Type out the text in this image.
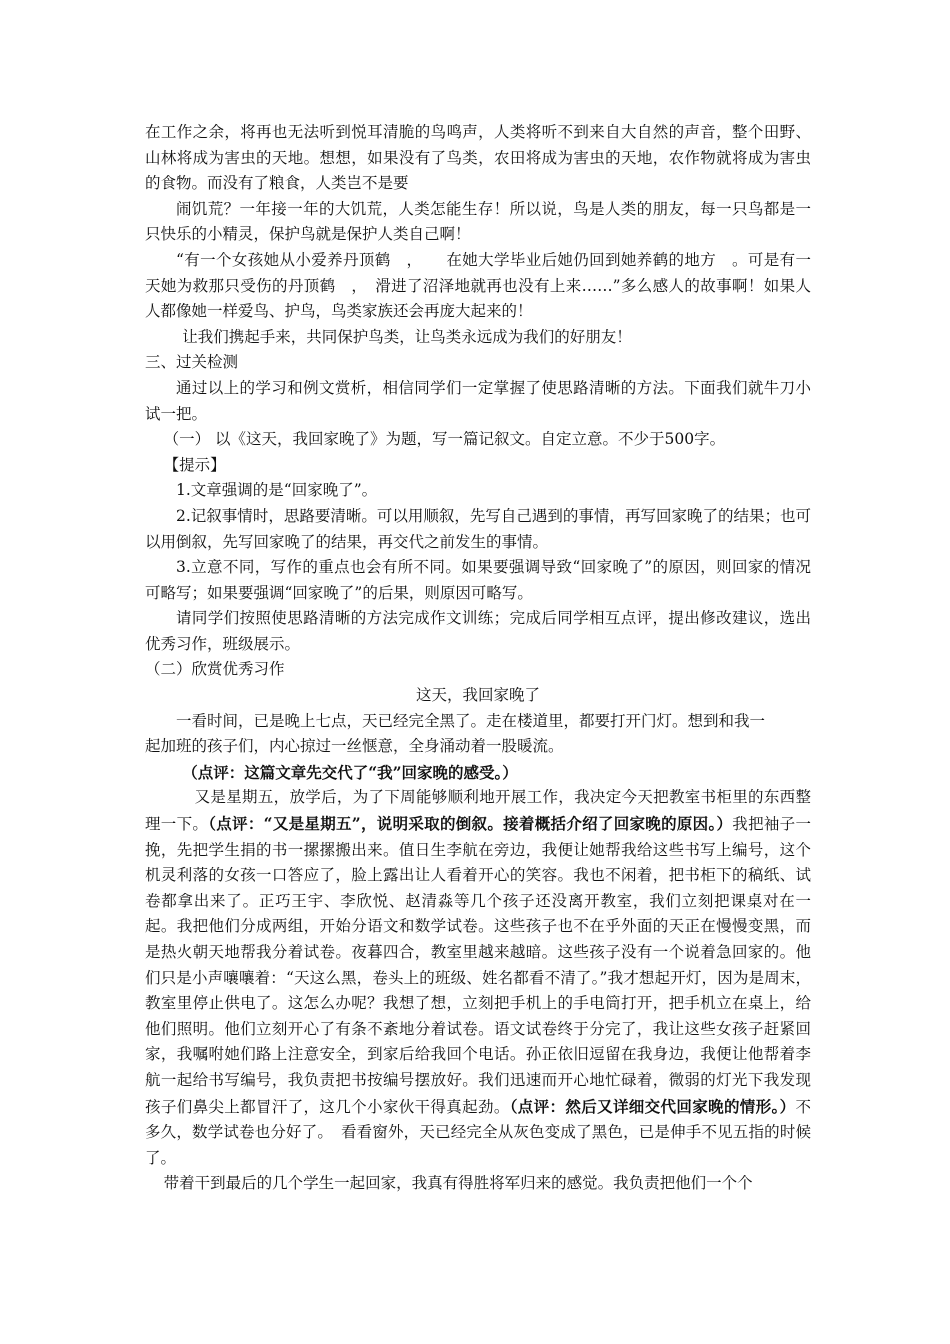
在工作之余，将再也无法听到悦耳清脆的鸟鸣声，人类将听不到来自大自然的声音，整个田野、山林将成为害虫的天地。想想，如果没有了鸟类，农田将成为害虫的天地，农作物就将成为害虫的食物。而没有了粮食，人类岂不是要

闹饥荒？一年接一年的大饥荒，人类怎能生存！所以说，鸟是人类的朋友，每一只鸟都是一只快乐的小精灵，保护鸟就是保护人类自己啊！

“有一个女孩她从小爱养丹顶鹤　，　　在她大学毕业后她仍回到她养鹤的地方　。可是有一天她为救那只受伤的丹顶鹤　，　滑进了沼泽地就再也没有上来……”多么感人的故事啊！如果人人都像她一样爱鸟、护鸟，鸟类家族还会再庞大起来的！

让我们携起手来，共同保护鸟类，让鸟类永远成为我们的好朋友！

三、过关检测

通过以上的学习和例文赏析，相信同学们一定掌握了使思路清晰的方法。下面我们就牛刀小试一把。

（一） 以《这天，我回家晚了》为题，写一篇记叙文。自定立意。不少于500字。

【提示】

1.文章强调的是“回家晚了”。

2.记叙事情时，思路要清晰。可以用顺叙，先写自己遇到的事情，再写回家晚了的结果；也可以用倒叙，先写回家晚了的结果，再交代之前发生的事情。

3.立意不同，写作的重点也会有所不同。如果要强调导致“回家晚了”的原因，则回家的情况可略写；如果要强调“回家晚了”的后果，则原因可略写。

请同学们按照使思路清晰的方法完成作文训练；完成后同学相互点评，提出修改建议，选出优秀习作，班级展示。

（二）欣赏优秀习作

这天，我回家晚了

一看时间，已是晚上七点，天已经完全黑了。走在楼道里，都要打开门灯。想到和我一

起加班的孩子们，内心掠过一丝惬意，全身涌动着一股暖流。

（点评：这篇文章先交代了“我”回家晚的感受。）

又是星期五，放学后，为了下周能够顺利地开展工作，我决定今天把教室书柜里的东西整理一下。（点评：“又是星期五”，说明采取的倒叙。接着概括介绍了回家晚的原因。）我把袖子一挽，先把学生捐的书一摞摞搬出来。值日生李航在旁边，我便让她帮我给这些书写上编号，这个机灵利落的女孩一口答应了，脸上露出让人看着开心的笑容。我也不闲着，把书柜下的稿纸、试卷都拿出来了。正巧王宇、李欣悦、赵清淼等几个孩子还没离开教室，我们立刻把课桌对在一起。我把他们分成两组，开始分语文和数学试卷。这些孩子也不在乎外面的天正在慢慢变黑，而是热火朝天地帮我分着试卷。夜暮四合，教室里越来越暗。这些孩子没有一个说着急回家的。他们只是小声嚷嚷着：“天这么黑，卷头上的班级、姓名都看不清了。”我才想起开灯，因为是周末，教室里停止供电了。这怎么办呢？我想了想，立刻把手机上的手电筒打开，把手机立在桌上，给他们照明。他们立刻开心了有条不紊地分着试卷。语文试卷终于分完了，我让这些女孩子赶紧回家，我嘱咐她们路上注意安全，到家后给我回个电话。孙正依旧逗留在我身边，我便让他帮着李航一起给书写编号，我负责把书按编号摆放好。我们迅速而开心地忙碌着，微弱的灯光下我发现孩子们鼻尖上都冒汗了，这几个小家伙干得真起劲。（点评：然后又详细交代回家晚的情形。）不多久，数学试卷也分好了。　看看窗外，天已经完全从灰色变成了黑色，已是伸手不见五指的时候了。

带着干到最后的几个学生一起回家，我真有得胜将军归来的感觉。我负责把他们一个个
